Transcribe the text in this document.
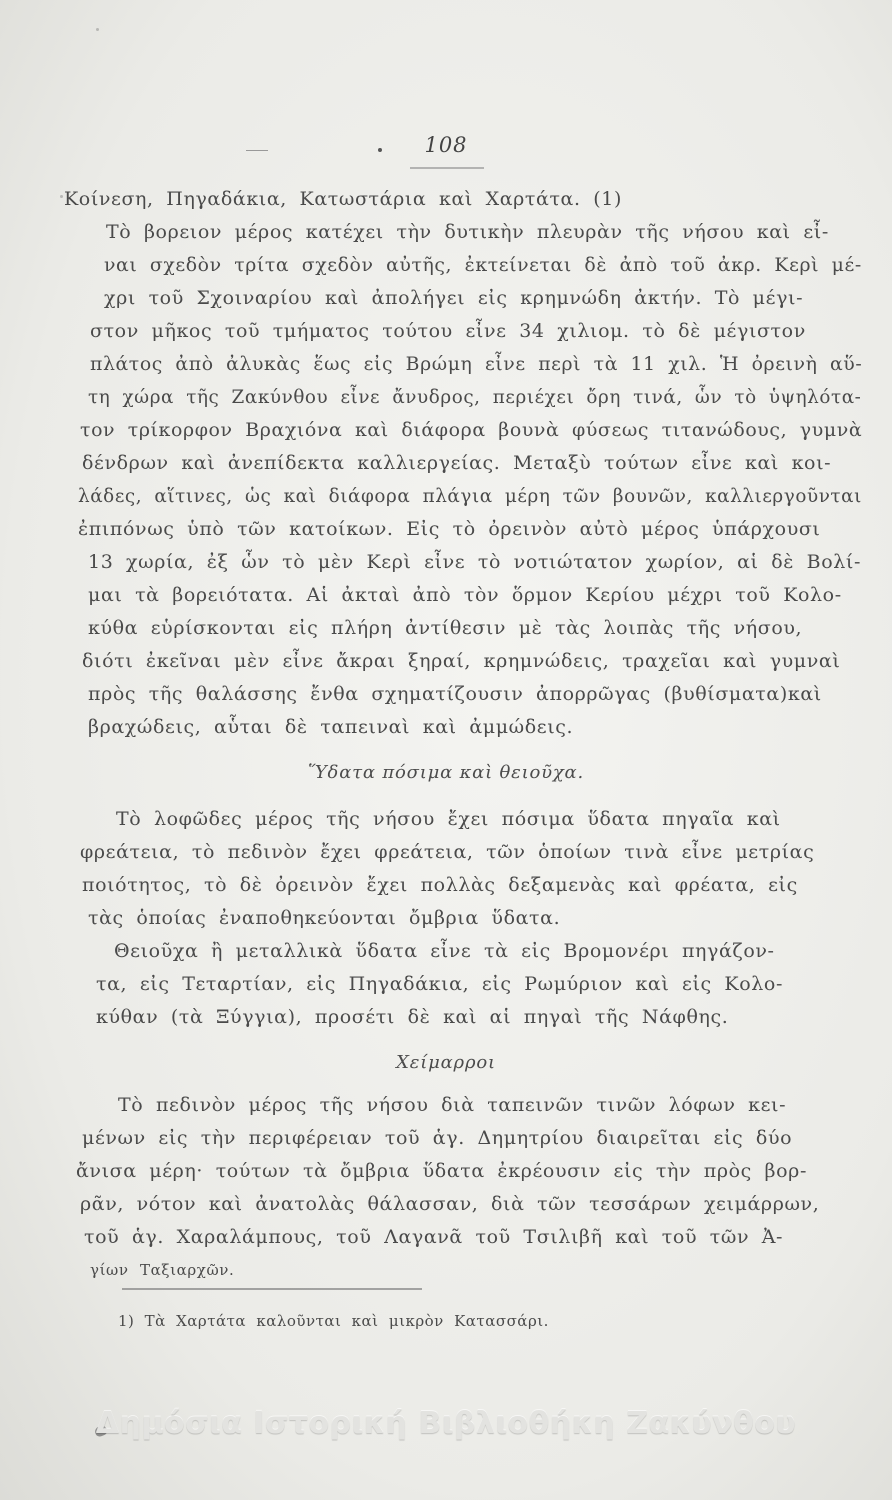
108
Κοίνεση, Πηγαδάκια, Κατωστάρια καὶ Χαρτάτα. (1)
Τὸ βορειον μέρος κατέχει τὴν δυτικὴν πλευρὰν τῆς νήσου καὶ εἶ-
ναι σχεδὸν τρίτα σχεδὸν αὐτῆς, ἐκτείνεται δὲ ἀπὸ τοῦ ἀκρ. Κερὶ μέ-
χρι τοῦ Σχοιναρίου καὶ ἀπολήγει εἰς κρημνώδη ἀκτήν. Τὸ μέγι-
στον μῆκος τοῦ τμήματος τούτου εἶνε 34 χιλιομ. τὸ δὲ μέγιστον
πλάτος ἀπὸ ἀλυκὰς ἕως εἰς Βρώμη εἶνε περὶ τὰ 11 χιλ. Ἡ ὀρεινὴ αὕ-
τη χώρα τῆς Ζακύνθου εἶνε ἄνυδρος, περιέχει ὄρη τινά, ὧν τὸ ὑψηλότα-
τον τρίκορφον Βραχιόνα καὶ διάφορα βουνὰ φύσεως τιτανώδους, γυμνὰ
δένδρων καὶ ἀνεπίδεκτα καλλιεργείας. Μεταξὺ τούτων εἶνε καὶ κοι-
λάδες, αἵτινες, ὡς καὶ διάφορα πλάγια μέρη τῶν βουνῶν, καλλιεργοῦνται
ἐπιπόνως ὑπὸ τῶν κατοίκων. Εἰς τὸ ὀρεινὸν αὐτὸ μέρος ὑπάρχουσι
13 χωρία, ἐξ ὧν τὸ μὲν Κερὶ εἶνε τὸ νοτιώτατον χωρίον, αἱ δὲ Βολί-
μαι τὰ βορειότατα. Αἱ ἀκταὶ ἀπὸ τὸν ὅρμον Κερίου μέχρι τοῦ Κολο-
κύθα εὑρίσκονται εἰς πλήρη ἀντίθεσιν μὲ τὰς λοιπὰς τῆς νήσου,
διότι ἐκεῖναι μὲν εἶνε ἄκραι ξηραί, κρημνώδεις, τραχεῖαι καὶ γυμναὶ
πρὸς τῆς θαλάσσης ἔνθα σχηματίζουσιν ἀπορρῶγας (βυθίσματα)καὶ
βραχώδεις, αὗται δὲ ταπειναὶ καὶ ἀμμώδεις.
Ὕδατα πόσιμα καὶ θειοῦχα.
Τὸ λοφῶδες μέρος τῆς νήσου ἔχει πόσιμα ὕδατα πηγαῖα καὶ
φρεάτεια, τὸ πεδινὸν ἔχει φρεάτεια, τῶν ὁποίων τινὰ εἶνε μετρίας
ποιότητος, τὸ δὲ ὀρεινὸν ἔχει πολλὰς δεξαμενὰς καὶ φρέατα, εἰς
τὰς ὁποίας ἐναποθηκεύονται ὄμβρια ὕδατα.
Θειοῦχα ἢ μεταλλικὰ ὕδατα εἶνε τὰ εἰς Βρομονέρι πηγάζον-
τα, εἰς Τεταρτίαν, εἰς Πηγαδάκια, εἰς Ρωμύριον καὶ εἰς Κολο-
κύθαν (τὰ Ξύγγια), προσέτι δὲ καὶ αἱ πηγαὶ τῆς Νάφθης.
Χείμαρροι
Τὸ πεδινὸν μέρος τῆς νήσου διὰ ταπεινῶν τινῶν λόφων κει-
μένων εἰς τὴν περιφέρειαν τοῦ ἁγ. Δημητρίου διαιρεῖται εἰς δύο
ἄνισα μέρη· τούτων τὰ ὄμβρια ὕδατα ἐκρέουσιν εἰς τὴν πρὸς βορ-
ρᾶν, νότον καὶ ἀνατολὰς θάλασσαν, διὰ τῶν τεσσάρων χειμάρρων,
τοῦ ἁγ. Χαραλάμπους, τοῦ Λαγανᾶ τοῦ Τσιλιβῆ καὶ τοῦ τῶν Ἀ-
γίων Ταξιαρχῶν.
1) Τὰ Χαρτάτα καλοῦνται καὶ μικρὸν Κατασσάρι.
Δημόσια Ιστορική Βιβλιοθήκη Ζακύνθου
